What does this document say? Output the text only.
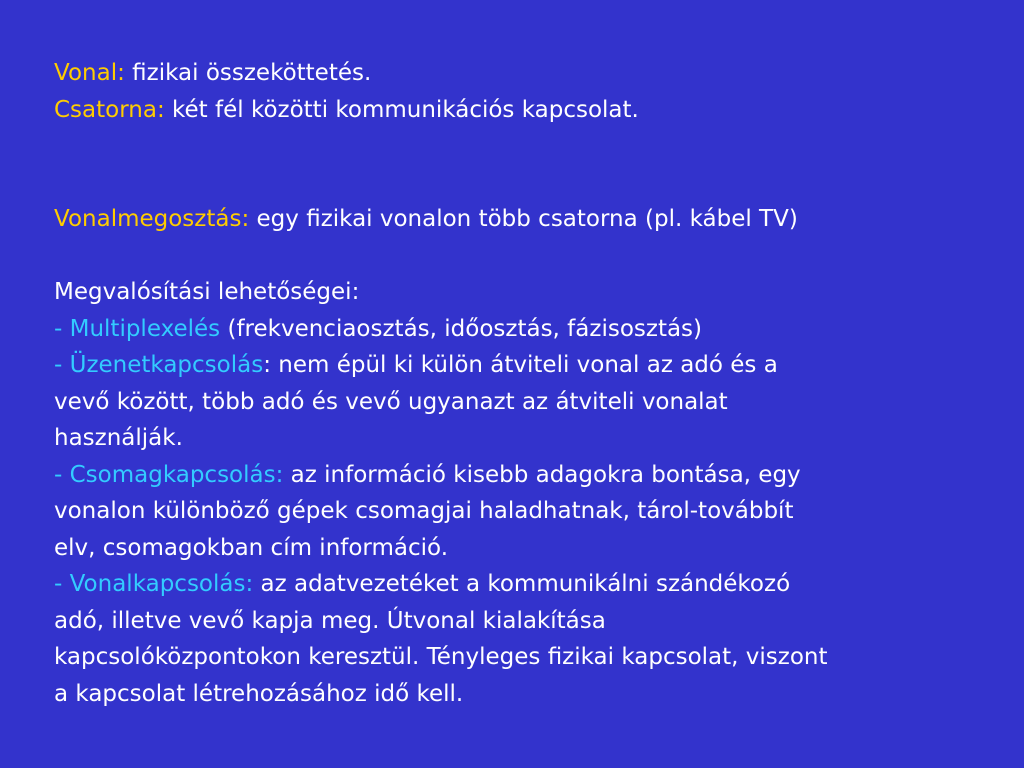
Vonal: fizikai összeköttetés.
Csatorna: két fél közötti kommunikációs kapcsolat.
Vonalmegosztás: egy fizikai vonalon több csatorna (pl. kábel TV)
Megvalósítási lehetőségei:
- Multiplexelés (frekvenciaosztás, időosztás, fázisosztás)
- Üzenetkapcsolás: nem épül ki külön átviteli vonal az adó és a
vevő között, több adó és vevő ugyanazt az átviteli vonalat
használják.
- Csomagkapcsolás: az információ kisebb adagokra bontása, egy
vonalon különböző gépek csomagjai haladhatnak, tárol-továbbít
elv, csomagokban cím információ.
- Vonalkapcsolás: az adatvezetéket a kommunikálni szándékozó
adó, illetve vevő kapja meg. Útvonal kialakítása
kapcsolóközpontokon keresztül. Tényleges fizikai kapcsolat, viszont
a kapcsolat létrehozásához idő kell.
